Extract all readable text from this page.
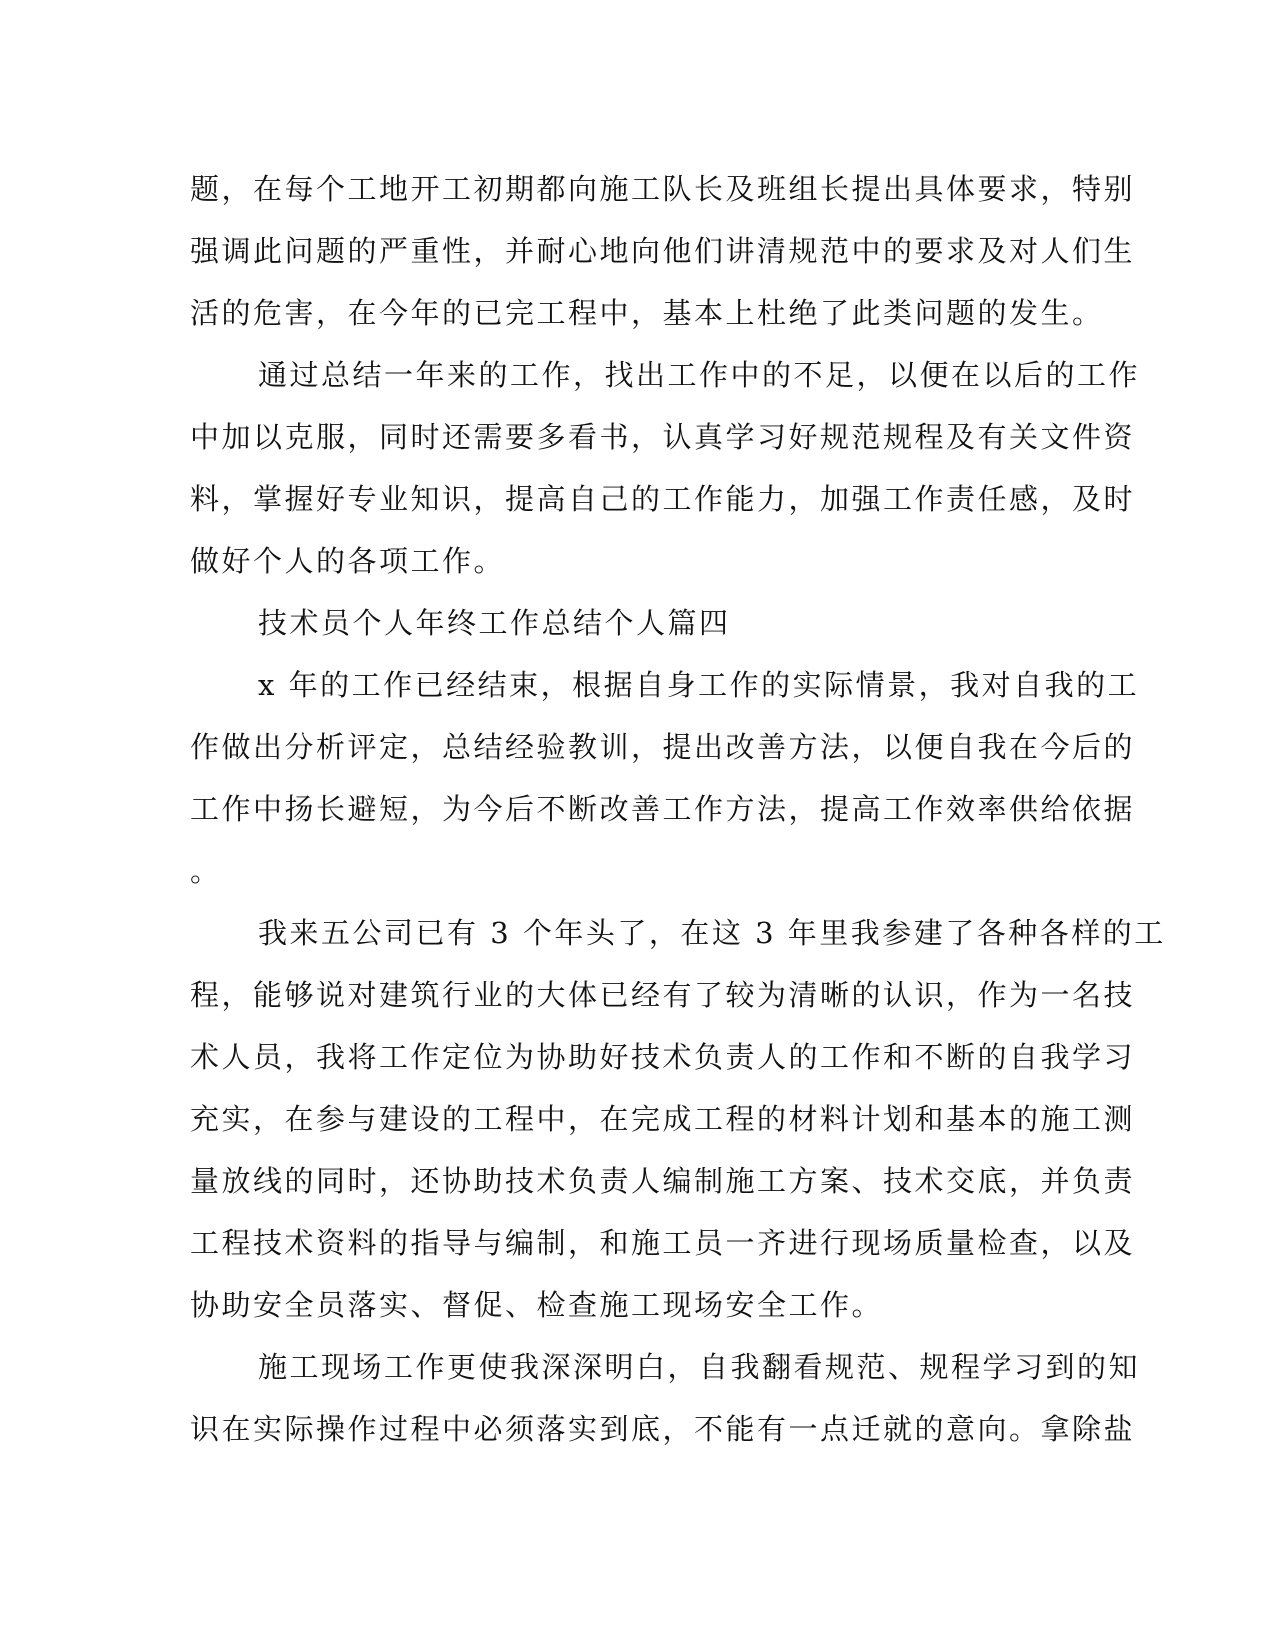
题，在每个工地开工初期都向施工队长及班组长提出具体要求，特别
强调此问题的严重性，并耐心地向他们讲清规范中的要求及对人们生
活的危害，在今年的已完工程中，基本上杜绝了此类问题的发生。
通过总结一年来的工作，找出工作中的不足，以便在以后的工作
中加以克服，同时还需要多看书，认真学习好规范规程及有关文件资
料，掌握好专业知识，提高自己的工作能力，加强工作责任感，及时
做好个人的各项工作。
技术员个人年终工作总结个人篇四
x 年的工作已经结束，根据自身工作的实际情景，我对自我的工
作做出分析评定，总结经验教训，提出改善方法，以便自我在今后的
工作中扬长避短，为今后不断改善工作方法，提高工作效率供给依据
。
我来五公司已有 3 个年头了，在这 3 年里我参建了各种各样的工
程，能够说对建筑行业的大体已经有了较为清晰的认识，作为一名技
术人员，我将工作定位为协助好技术负责人的工作和不断的自我学习
充实，在参与建设的工程中，在完成工程的材料计划和基本的施工测
量放线的同时，还协助技术负责人编制施工方案、技术交底，并负责
工程技术资料的指导与编制，和施工员一齐进行现场质量检查，以及
协助安全员落实、督促、检查施工现场安全工作。
施工现场工作更使我深深明白，自我翻看规范、规程学习到的知
识在实际操作过程中必须落实到底，不能有一点迁就的意向。拿除盐
